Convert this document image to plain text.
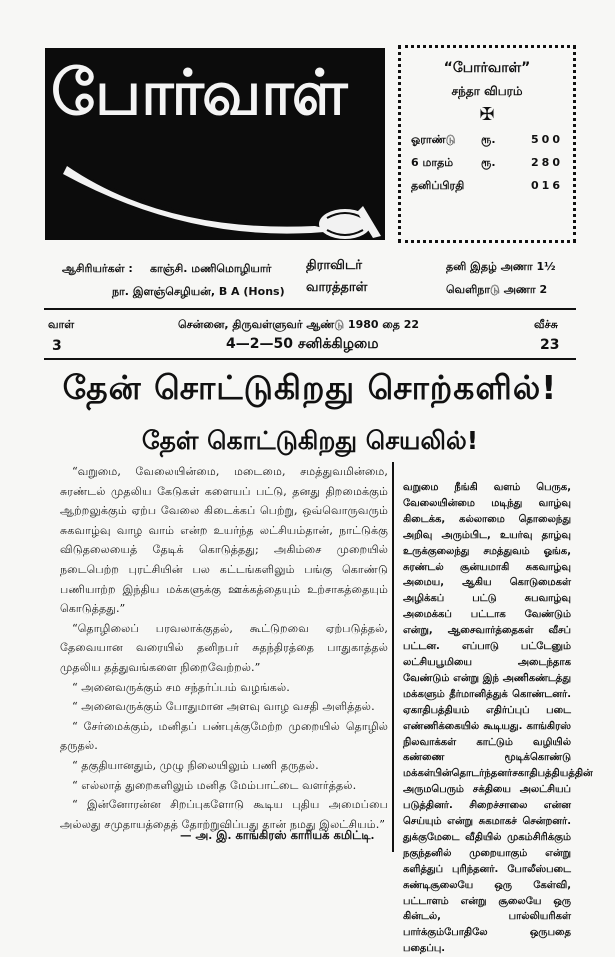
போர்வாள்	“போர்வாள்”
சந்தா விபரம்
✠
ஓராண்டு	ரூ.	500
6 மாதம்	ரூ.	280
தனிப்பிரதி	016
ஆசிரியர்கள் : காஞ்சி. மணிமொழியார்
நா. இளஞ்செழியன், B A (Hons)
திராவிடர்
வாரத்தாள்
தனி இதழ் அணா 1½
வெளிநாடு அணா 2
வாள்
3
சென்னை, திருவள்ளுவர் ஆண்டு 1980 தை 22
4—2—50 சனிக்கிழமை
வீச்சு
23
தேன் சொட்டுகிறது சொற்களில்!
தேள் கொட்டுகிறது செயலில்!

“வறுமை, வேலையின்மை, மடைமை, சமத்துவமின்மை, சுரண்டல் முதலிய கேடுகள் களையப் பட்டு, தனது திறமைக்கும் ஆற்றலுக்கும் ஏற்ப வேலை கிடைக்கப் பெற்று, ஒவ்வொருவரும் சுகவாழ்வு வாழ வாம் என்ற உயர்ந்த லட்சியம்தான், நாட்டுக்கு விடுதலையைத் தேடிக் கொடுத்தது; அகிம்சை முறையில் நடைபெற்ற புரட்சியின் பல கட்டங்களிலும் பங்கு கொண்டு பணியாற்ற இந்திய மக்களுக்கு ஊக்கத்தையும் உற்சாகத்தையும் கொடுத்தது.”

“தொழிலைப் பரவலாக்குதல், கூட்டுறவை ஏற்படுத்தல், தேவையான வரையில் தனிநபர் சுதந்திரத்தை பாதுகாத்தல் முதலிய தத்துவங்களை நிறைவேற்றல்.”

“ அனைவருக்கும் சம சந்தர்ப்பம் வழங்கல்.

“ அனைவருக்கும் போதுமான அளவு வாழ வசதி அளித்தல்.

“ சேர்மைக்கும், மனிதப் பண்புக்குமேற்ற முறையில் தொழில் தருதல்.

“ தகுதியானதும், முழு நிலையிலும் பணி தருதல்.

“ எல்லாத் துறைகளிலும் மனித மேம்பாட்டை வளர்த்தல்.

“ இன்னோரன்ன சிறப்புகளோடு கூடிய புதிய அமைப்பை அல்லது சமுதாயத்தைத் தோற்றுவிப்பது தான் நமது இலட்சியம்.”

— அ. இ. காங்கிரஸ் காரியக் கமிட்டி.
வறுமை நீங்கி வளம் பெருக, வேலையின்மை மடிந்து வாழ்வு கிடைக்க, கல்லாமை தொலைந்து அறிவு அரும்பிட, உயர்வு தாழ்வு உருக்குலைந்து சமத்துவம் ஓங்க, சுரண்டல் சூன்யமாகி சுகவாழ்வு அமைய, ஆகிய கொடுமைகள் அழிக்கப் பட்டு சுபவாழ்வு அமைக்கப் பட்டாக வேண்டும் என்று, ஆசைவார்த்தைகள் வீசப் பட்டன. எப்பாடு பட்டேனும் லட்சியபூமியை அடைந்தாக வேண்டும் என்று இந் அணிகண்டத்து மக்களும் தீர்மானித்துக் கொண்டனர். ஏகாதிபத்தியம் எதிர்ப்புப் படை எண்ணிக்கையில் கூடியது. காங்கிரஸ் நிலவாக்கள் காட்டும் வழியில் கண்ணை மூடிக்கொண்டு மக்கள்பின்தொடர்ந்தனர்சகாதிபத்தியத்தின் அருமபெரும் சக்தியை அலட்சியப் படுத்தினர். சிறைச்சாலை என்ன செய்யும் என்று சுகமாகச் சென்றனர். துக்குமேடை வீதியில் முகம்சிரிக்கும் நகுந்தனில் முறையாகும் என்று களித்துப் புரிந்தனர். போலீஸ்படை சுண்டிசூலையே ஒரு கேள்வி, பட்டாளம் என்று சூலையே ஒரு கின்டல், பால்லியரிகள் பார்க்கும்போதிலே ஒருபதை பதைப்பு.
